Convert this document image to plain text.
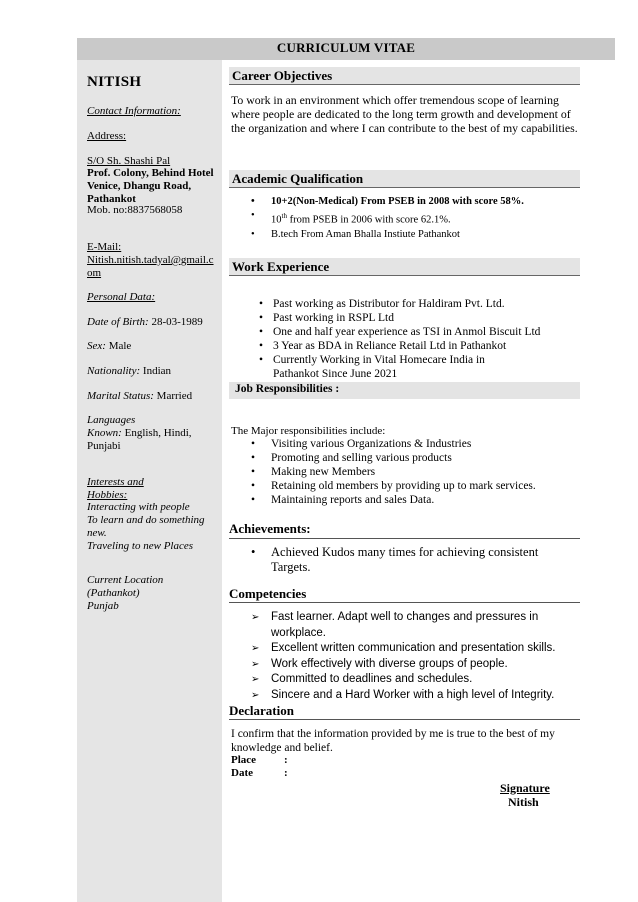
CURRICULUM VITAE
NITISH
Contact Information:
Address:
S/O Sh. Shashi Pal
Prof. Colony, Behind Hotel Venice, Dhangu Road, Pathankot
Mob. no:8837568058
E-Mail:
Nitish.nitish.tadyal@gmail.com
Personal Data:
Date of Birth: 28-03-1989
Sex: Male
Nationality: Indian
Marital Status: Married
Languages
Known: English, Hindi, Punjabi
Interests and Hobbies:
Interacting with people
To learn and do something new.
Traveling to new Places
Current Location
(Pathankot)
Punjab
Career Objectives
To work in an environment which offer tremendous scope of learning where people are dedicated to the long term growth and development of the organization and where I can contribute to the best of my capabilities.
Academic Qualification
• 10+2(Non-Medical) From PSEB in 2008 with score 58%.
• 10th from PSEB in 2006 with score 62.1%.
• B.tech From Aman Bhalla Instiute Pathankot
Work Experience
• Past working as Distributor for Haldiram Pvt. Ltd.
• Past working in RSPL Ltd
• One and half year experience as TSI in Anmol Biscuit Ltd
• 3 Year as BDA in Reliance Retail Ltd in Pathankot
• Currently Working in Vital Homecare India in Pathankot Since June 2021
Job Responsibilities :
The Major responsibilities include:
• Visiting various Organizations & Industries
• Promoting and selling various products
• Making new Members
• Retaining old members by providing up to mark services.
• Maintaining reports and sales Data.
Achievements:
• Achieved Kudos many times for achieving consistent Targets.
Competencies
➢ Fast learner. Adapt well to changes and pressures in workplace.
➢ Excellent written communication and presentation skills.
➢ Work effectively with diverse groups of people.
➢ Committed to deadlines and schedules.
➢ Sincere and a Hard Worker with a high level of Integrity.
Declaration
I confirm that the information provided by me is true to the best of my knowledge and belief.
Place	:
Date	:
Signature
Nitish
